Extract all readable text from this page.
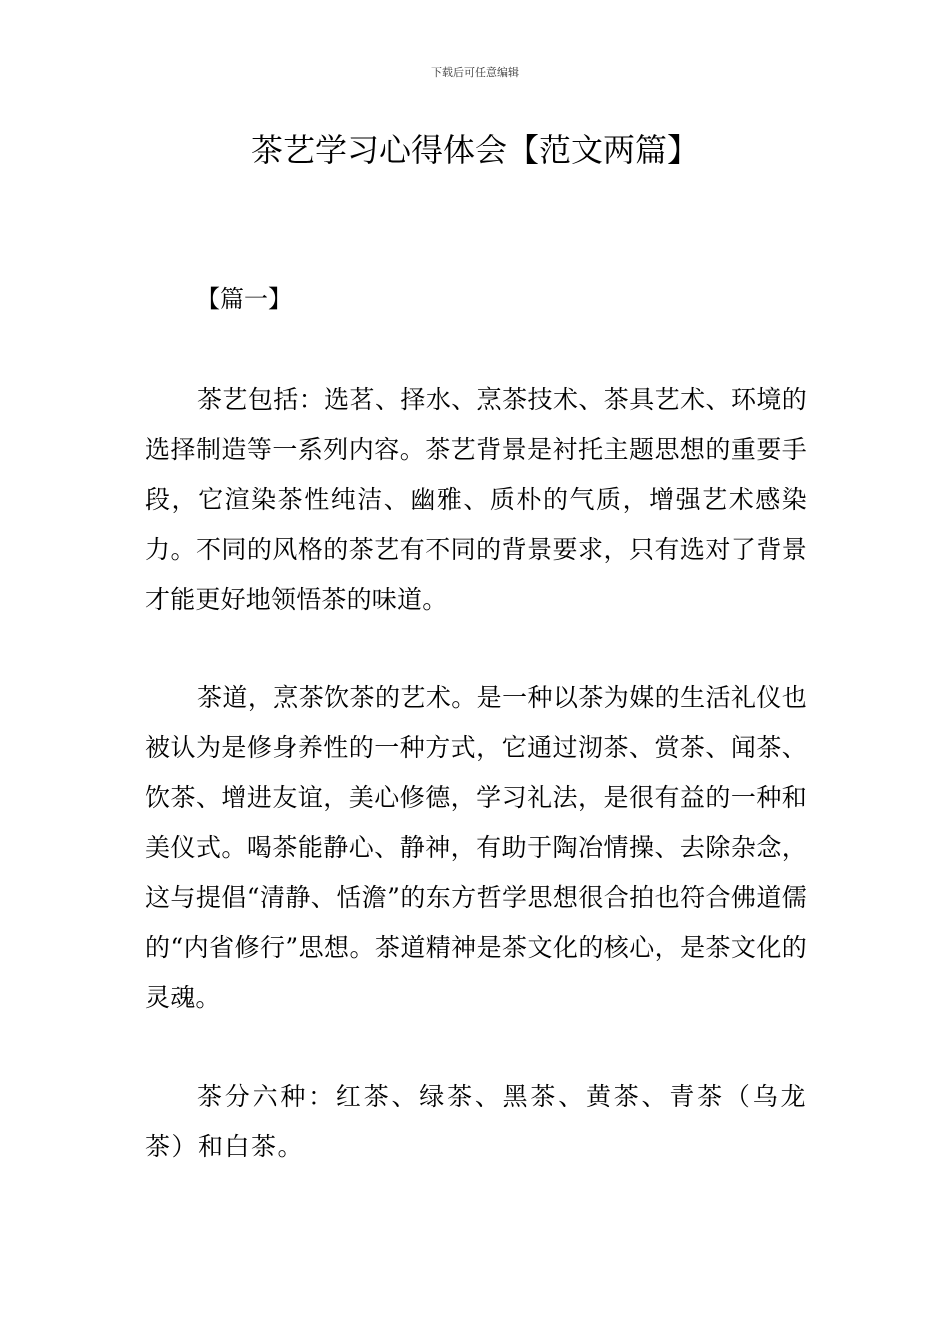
下载后可任意编辑
茶艺学习心得体会【范文两篇】
【篇一】

茶艺包括：选茗、择水、烹茶技术、茶具艺术、环境的选择制造等一系列内容。茶艺背景是衬托主题思想的重要手段，它渲染茶性纯洁、幽雅、质朴的气质，增强艺术感染力。不同的风格的茶艺有不同的背景要求，只有选对了背景才能更好地领悟茶的味道。

茶道，烹茶饮茶的艺术。是一种以茶为媒的生活礼仪也被认为是修身养性的一种方式，它通过沏茶、赏茶、闻茶、饮茶、增进友谊，美心修德，学习礼法，是很有益的一种和美仪式。喝茶能静心、静神，有助于陶冶情操、去除杂念，这与提倡“清静、恬澹”的东方哲学思想很合拍也符合佛道儒的“内省修行”思想。茶道精神是茶文化的核心，是茶文化的灵魂。

茶分六种：红茶、绿茶、黑茶、黄茶、青茶（乌龙茶）和白茶。
